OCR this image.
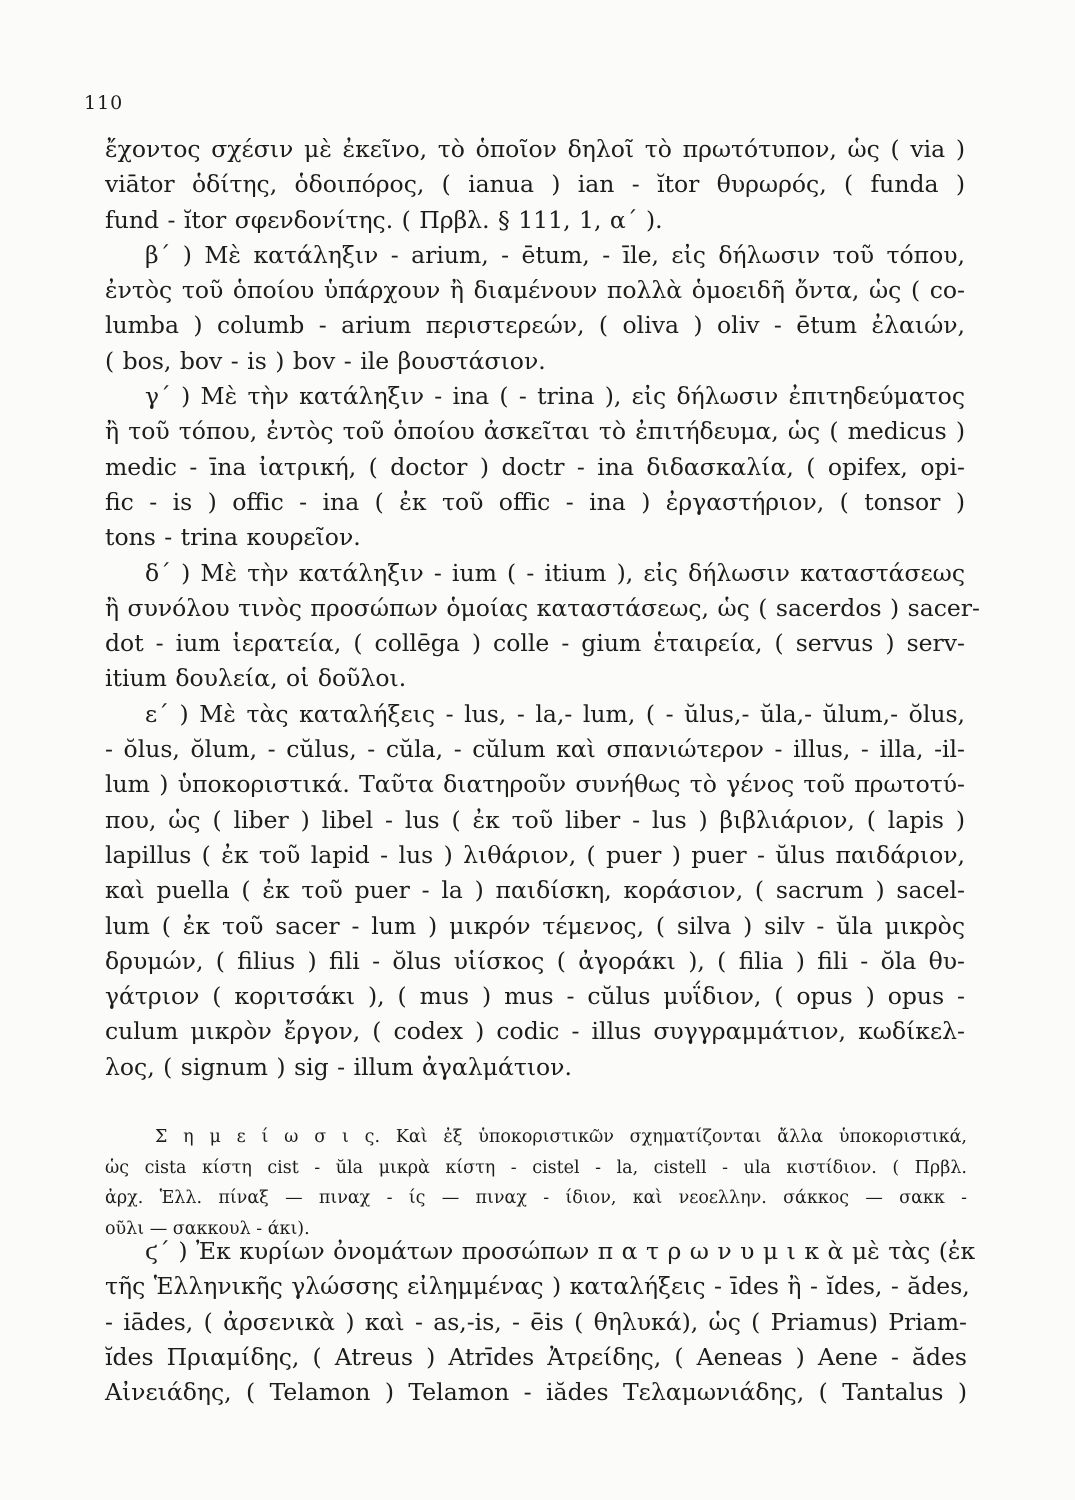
110
ἔχοντος σχέσιν μὲ ἐκεῖνο, τὸ ὁποῖον δηλοῖ τὸ πρωτότυπον, ὡς ( via )
viātor ὁδίτης, ὁδοιπόρος, ( ianua ) ian - ĭtor θυρωρός, ( funda )
fund - ĭtor σφενδονίτης. ( Πρβλ. § 111, 1, α΄ ).
β΄ ) Μὲ κατάληξιν - arium, - ētum, - īle, εἰς δήλωσιν τοῦ τόπου,
ἐντὸς τοῦ ὁποίου ὑπάρχουν ἢ διαμένουν πολλὰ ὁμοειδῆ ὄντα, ὡς ( co-
lumba ) columb - arium περιστερεών, ( oliva ) oliv - ētum ἐλαιών,
( bos, bov - is ) bov - ile βουστάσιον.
γ΄ ) Μὲ τὴν κατάληξιν - ina ( - trina ), εἰς δήλωσιν ἐπιτηδεύματος
ἢ τοῦ τόπου, ἐντὸς τοῦ ὁποίου ἀσκεῖται τὸ ἐπιτήδευμα, ὡς ( medicus )
medic - īna ἰατρική, ( doctor ) doctr - ina διδασκαλία, ( opifex, opi-
fic - is ) offic - ina ( ἐκ τοῦ offic - ina ) ἐργαστήριον, ( tonsor )
tons - trina κουρεῖον.
δ΄ ) Μὲ τὴν κατάληξιν - ium ( - itium ), εἰς δήλωσιν καταστάσεως
ἢ συνόλου τινὸς προσώπων ὁμοίας καταστάσεως, ὡς ( sacerdos ) sacer-
dot - ium ἱερατεία, ( collēga ) colle - gium ἑταιρεία, ( servus ) serv-
itium δουλεία, οἱ δοῦλοι.
ε΄ ) Μὲ τὰς καταλήξεις - lus, - la,- lum, ( - ŭlus,- ŭla,- ŭlum,- ŏlus,
- ŏlus, ŏlum, - cŭlus, - cŭla, - cŭlum καὶ σπανιώτερον - illus, - illa, -il-
lum ) ὑποκοριστικά. Ταῦτα διατηροῦν συνήθως τὸ γένος τοῦ πρωτοτύ-
που, ὡς ( liber ) libel - lus ( ἐκ τοῦ liber - lus ) βιβλιάριον, ( lapis )
lapillus ( ἐκ τοῦ lapid - lus ) λιθάριον, ( puer ) puer - ŭlus παιδάριον,
καὶ puella ( ἐκ τοῦ puer - la ) παιδίσκη, κοράσιον, ( sacrum ) sacel-
lum ( ἐκ τοῦ sacer - lum ) μικρόν τέμενος, ( silva ) silv - ŭla μικρὸς
δρυμών, ( filius ) fili - ŏlus υἱίσκος ( ἀγοράκι ), ( filia ) fili - ŏla θυ-
γάτριον ( κοριτσάκι ), ( mus ) mus - cŭlus μυΐδιον, ( opus ) opus -
culum μικρὸν ἔργον, ( codex ) codic - illus συγγραμμάτιον, κωδίκελ-
λος, ( signum ) sig - illum ἀγαλμάτιον.
Σ η μ ε ί ω σ ι ς. Καὶ ἐξ ὑποκοριστικῶν σχηματίζονται ἄλλα ὑποκοριστικά,
ὡς cista κίστη cist - ŭla μικρὰ κίστη - cistel - la, cistell - ula κιστίδιον. ( Πρβλ.
ἀρχ. Ἑλλ. πίναξ — πιναχ - ίς — πιναχ - ίδιον, καὶ νεοελλην. σάκκος — σακκ -
οῦλι — σακκουλ - άκι).
ϛ΄ ) Ἐκ κυρίων ὀνομάτων προσώπων π α τ ρ ω ν υ μ ι κ ὰ μὲ τὰς (ἐκ
τῆς Ἑλληνικῆς γλώσσης εἰλημμένας ) καταλήξεις - īdes ἢ - ĭdes, - ădes,
- iādes, ( ἀρσενικὰ ) καὶ - as,-is, - ēis ( θηλυκά), ὡς ( Priamus) Priam-
ĭdes Πριαμίδης, ( Atreus ) Atrīdes Ἀτρείδης, ( Aeneas ) Aene - ădes
Αἰνειάδης, ( Telamon ) Telamon - iădes Τελαμωνιάδης, ( Tantalus )
